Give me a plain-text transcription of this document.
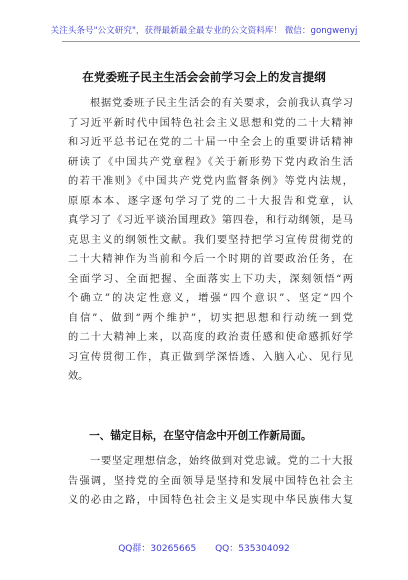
关注头条号"公文研究"，获得最新最全最专业的公文资料库！ 微信：gongwenyj
在党委班子民主生活会会前学习会上的发言提纲
　　根据党委班子民主生活会的有关要求，会前我认真学习
了习近平新时代中国特色社会主义思想和党的二十大精神
和习近平总书记在党的二十届一中全会上的重要讲话精神
研读了《中国共产党章程》《关于新形势下党内政治生活
的若干准则》《中国共产党党内监督条例》等党内法规，
原原本本、逐字逐句学习了党的二十大报告和党章，认
真学习了《习近平谈治国理政》第四卷，和行动纲领，是马
克思主义的纲领性文献。我们要坚持把学习宣传贯彻党的
二十大精神作为当前和今后一个时期的首要政治任务，在
全面学习、全面把握、全面落实上下功夫，深刻领悟“两
个确立”的决定性意义，增强“四个意识”、坚定“四个
自信”、做到“两个维护”，切实把思想和行动统一到党
的二十大精神上来，以高度的政治责任感和使命感抓好学
习宣传贯彻工作，真正做到学深悟透、入脑入心、见行见
效。
　　一、锚定目标，在坚守信念中开创工作新局面。
　　一要坚定理想信念，始终做到对党忠诚。党的二十大报
告强调，坚持党的全面领导是坚持和发展中国特色社会主
义的必由之路，中国特色社会主义是实现中华民族伟大复
QQ群：30265665 QQ：535304092
